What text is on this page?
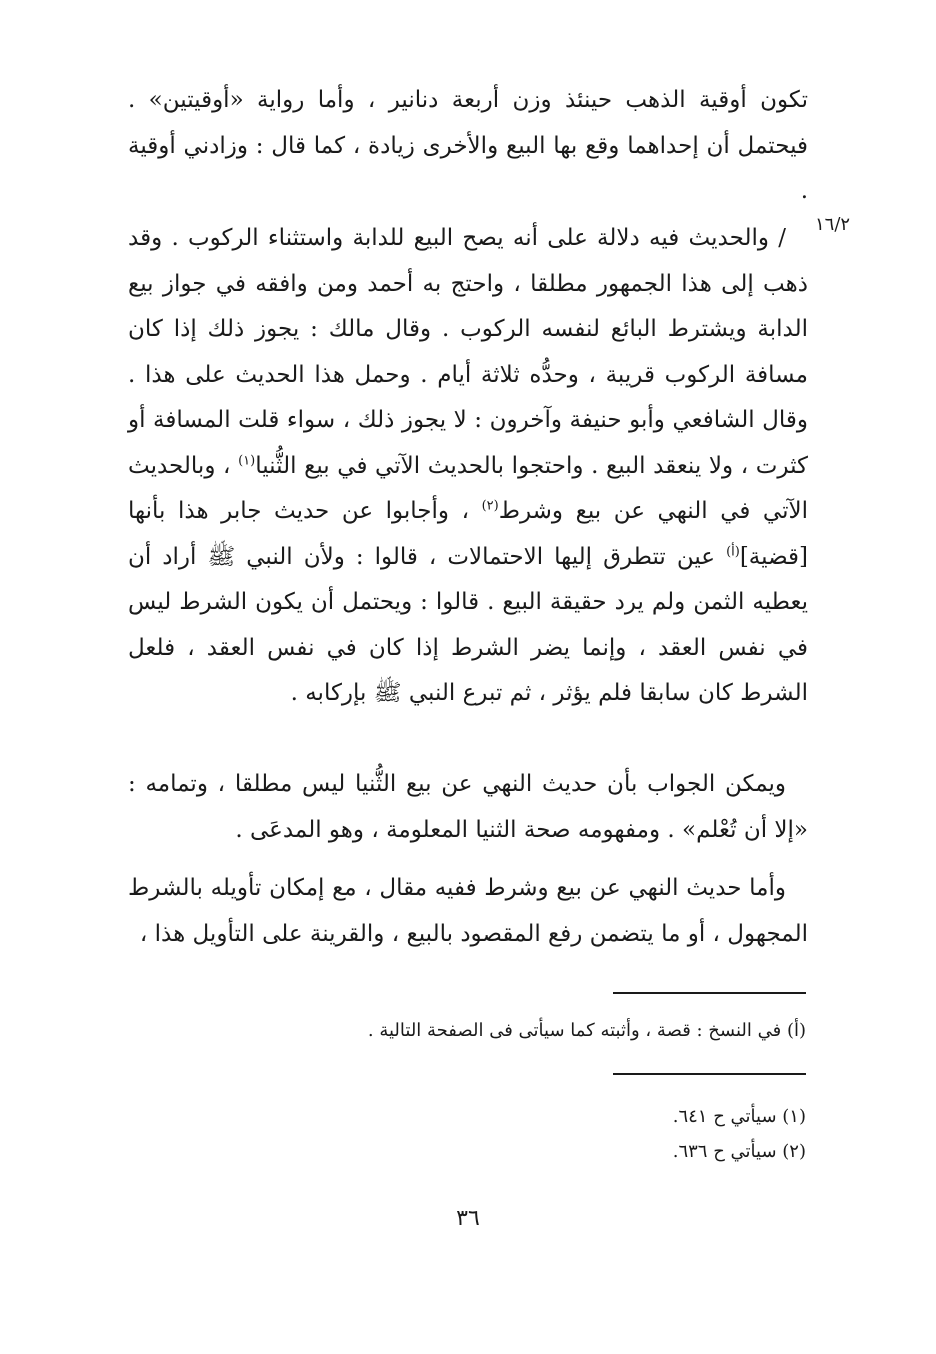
تكون أوقية الذهب حينئذ وزن أربعة دنانير ، وأما رواية «أوقيتين» . فيحتمل أن إحداهما وقع بها البيع والأخرى زيادة ، كما قال : وزادني أوقية .

١٦/٢

/ والحديث فيه دلالة على أنه يصح البيع للدابة واستثناء الركوب . وقد ذهب إلى هذا الجمهور مطلقا ، واحتج به أحمد ومن وافقه في جواز بيع الدابة ويشترط البائع لنفسه الركوب . وقال مالك : يجوز ذلك إذا كان مسافة الركوب قريبة ، وحدُّه ثلاثة أيام . وحمل هذا الحديث على هذا . وقال الشافعي وأبو حنيفة وآخرون : لا يجوز ذلك ، سواء قلت المسافة أو كثرت ، ولا ينعقد البيع . واحتجوا بالحديث الآتي في بيع الثُّنيا$^{(١)}$ ، وبالحديث الآتي في النهي عن بيع وشرط$^{(٢)}$ ، وأجابوا عن حديث جابر هذا بأنها [قضية]$^{(أ)}$ عين تتطرق إليها الاحتمالات ، قالوا : ولأن النبي ﷺ أراد أن يعطيه الثمن ولم يرد حقيقة البيع . قالوا : ويحتمل أن يكون الشرط ليس في نفس العقد ، وإنما يضر الشرط إذا كان في نفس العقد ، فلعل الشرط كان سابقا فلم يؤثر ، ثم تبرع النبي ﷺ بإركابه .

ويمكن الجواب بأن حديث النهي عن بيع الثُّنيا ليس مطلقا ، وتمامه : «إلا أن تُعْلم» . ومفهومه صحة الثنيا المعلومة ، وهو المدعَى .

وأما حديث النهي عن بيع وشرط ففيه مقال ، مع إمكان تأويله بالشرط المجهول ، أو ما يتضمن رفع المقصود بالبيع ، والقرينة على التأويل هذا ،

(أ) في النسخ : قصة ، وأثبته كما سيأتى فى الصفحة التالية .
(١) سيأتي ح ٦٤١.
(٢) سيأتي ح ٦٣٦.
٣٦
